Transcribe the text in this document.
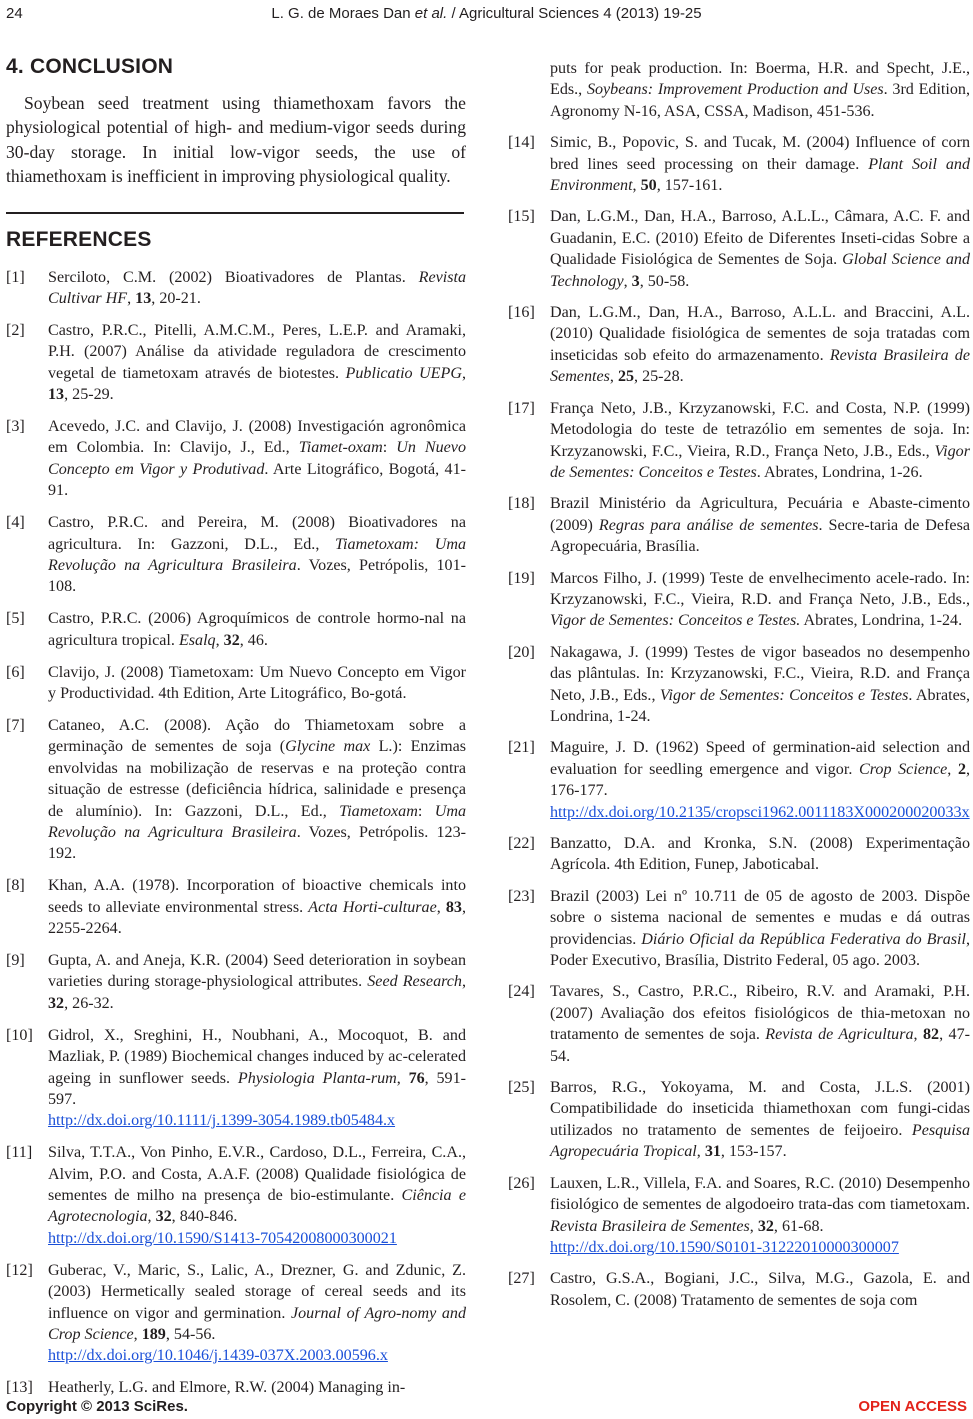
24	L. G. de Moraes Dan et al. / Agricultural Sciences 4 (2013) 19-25
4. CONCLUSION

Soybean seed treatment using thiamethoxam favors the physiological potential of high- and medium-vigor seeds during 30-day storage. In initial low-vigor seeds, the use of thiamethoxam is inefficient in improving physiological quality.

REFERENCES
[1]	Serciloto, C.M. (2002) Bioativadores de Plantas. Revista Cultivar HF, 13, 20-21.
[2]	Castro, P.R.C., Pitelli, A.M.C.M., Peres, L.E.P. and Aramaki, P.H. (2007) Análise da atividade reguladora de crescimento vegetal de tiametoxam através de biotestes. Publicatio UEPG, 13, 25-29.
[3]	Acevedo, J.C. and Clavijo, J. (2008) Investigación agronômica em Colombia. In: Clavijo, J., Ed., Tiamet-oxam: Un Nuevo Concepto em Vigor y Produtivad. Arte Litográfico, Bogotá, 41-91.
[4]	Castro, P.R.C. and Pereira, M. (2008) Bioativadores na agricultura. In: Gazzoni, D.L., Ed., Tiametoxam: Uma Revolução na Agricultura Brasileira. Vozes, Petrópolis, 101-108.
[5]	Castro, P.R.C. (2006) Agroquímicos de controle hormo-nal na agricultura tropical. Esalq, 32, 46.
[6]	Clavijo, J. (2008) Tiametoxam: Um Nuevo Concepto em Vigor y Productividad. 4th Edition, Arte Litográfico, Bo-gotá.
[7]	Cataneo, A.C. (2008). Ação do Thiametoxam sobre a germinação de sementes de soja (Glycine max L.): Enzimas envolvidas na mobilização de reservas e na proteção contra situação de estresse (deficiência hídrica, salinidade e presença de alumínio). In: Gazzoni, D.L., Ed., Tiametoxam: Uma Revolução na Agricultura Brasileira. Vozes, Petrópolis. 123-192.
[8]	Khan, A.A. (1978). Incorporation of bioactive chemicals into seeds to alleviate environmental stress. Acta Horti-culturae, 83, 2255-2264.
[9]	Gupta, A. and Aneja, K.R. (2004) Seed deterioration in soybean varieties during storage-physiological attributes. Seed Research, 32, 26-32.
[10] Gidrol, X., Sreghini, H., Noubhani, A., Mocoquot, B. and Mazliak, P. (1989) Biochemical changes induced by ac-celerated ageing in sunflower seeds. Physiologia Planta-rum, 76, 591-597.
http://dx.doi.org/10.1111/j.1399-3054.1989.tb05484.x
[11] Silva, T.T.A., Von Pinho, E.V.R., Cardoso, D.L., Ferreira, C.A., Alvim, P.O. and Costa, A.A.F. (2008) Qualidade fisiológica de sementes de milho na presença de bio-estimulante. Ciência e Agrotecnologia, 32, 840-846.
http://dx.doi.org/10.1590/S1413-70542008000300021
[12] Guberac, V., Maric, S., Lalic, A., Drezner, G. and Zdunic, Z. (2003) Hermetically sealed storage of cereal seeds and its influence on vigor and germination. Journal of Agro-nomy and Crop Science, 189, 54-56.
http://dx.doi.org/10.1046/j.1439-037X.2003.00596.x
[13] Heatherly, L.G. and Elmore, R.W. (2004) Managing in-
puts for peak production. In: Boerma, H.R. and Specht, J.E., Eds., Soybeans: Improvement Production and Uses. 3rd Edition, Agronomy N-16, ASA, CSSA, Madison, 451-536.
[14] Simic, B., Popovic, S. and Tucak, M. (2004) Influence of corn bred lines seed processing on their damage. Plant Soil and Environment, 50, 157-161.
[15] Dan, L.G.M., Dan, H.A., Barroso, A.L.L., Câmara, A.C. F. and Guadanin, E.C. (2010) Efeito de Diferentes Inseti-cidas Sobre a Qualidade Fisiológica de Sementes de Soja. Global Science and Technology, 3, 50-58.
[16] Dan, L.G.M., Dan, H.A., Barroso, A.L.L. and Braccini, A.L. (2010) Qualidade fisiológica de sementes de soja tratadas com inseticidas sob efeito do armazenamento. Revista Brasileira de Sementes, 25, 25-28.
[17] França Neto, J.B., Krzyzanowski, F.C. and Costa, N.P. (1999) Metodologia do teste de tetrazólio em sementes de soja. In: Krzyzanowski, F.C., Vieira, R.D., França Neto, J.B., Eds., Vigor de Sementes: Conceitos e Testes. Abrates, Londrina, 1-26.
[18] Brazil Ministério da Agricultura, Pecuária e Abaste-cimento (2009) Regras para análise de sementes. Secre-taria de Defesa Agropecuária, Brasília.
[19] Marcos Filho, J. (1999) Teste de envelhecimento acele-rado. In: Krzyzanowski, F.C., Vieira, R.D. and França Neto, J.B., Eds., Vigor de Sementes: Conceitos e Testes. Abrates, Londrina, 1-24.
[20] Nakagawa, J. (1999) Testes de vigor baseados no desempenho das plântulas. In: Krzyzanowski, F.C., Vieira, R.D. and França Neto, J.B., Eds., Vigor de Sementes: Conceitos e Testes. Abrates, Londrina, 1-24.
[21] Maguire, J. D. (1962) Speed of germination-aid selection and evaluation for seedling emergence and vigor. Crop Science, 2, 176-177.
http://dx.doi.org/10.2135/cropsci1962.0011183X000200020033x
[22] Banzatto, D.A. and Kronka, S.N. (2008) Experimentação Agrícola. 4th Edition, Funep, Jaboticabal.
[23] Brazil (2003) Lei nº 10.711 de 05 de agosto de 2003. Dispõe sobre o sistema nacional de sementes e mudas e dá outras providencias. Diário Oficial da República Federativa do Brasil, Poder Executivo, Brasília, Distrito Federal, 05 ago. 2003.
[24] Tavares, S., Castro, P.R.C., Ribeiro, R.V. and Aramaki, P.H. (2007) Avaliação dos efeitos fisiológicos de thia-metoxan no tratamento de sementes de soja. Revista de Agricultura, 82, 47-54.
[25] Barros, R.G., Yokoyama, M. and Costa, J.L.S. (2001) Compatibilidade do inseticida thiamethoxan com fungi-cidas utilizados no tratamento de sementes de feijoeiro. Pesquisa Agropecuária Tropical, 31, 153-157.
[26] Lauxen, L.R., Villela, F.A. and Soares, R.C. (2010) Desempenho fisiológico de sementes de algodoeiro trata-das com tiametoxam. Revista Brasileira de Sementes, 32, 61-68.
http://dx.doi.org/10.1590/S0101-31222010000300007
[27] Castro, G.S.A., Bogiani, J.C., Silva, M.G., Gazola, E. and Rosolem, C. (2008) Tratamento de sementes de soja com
Copyright © 2013 SciRes.	OPEN ACCESS
